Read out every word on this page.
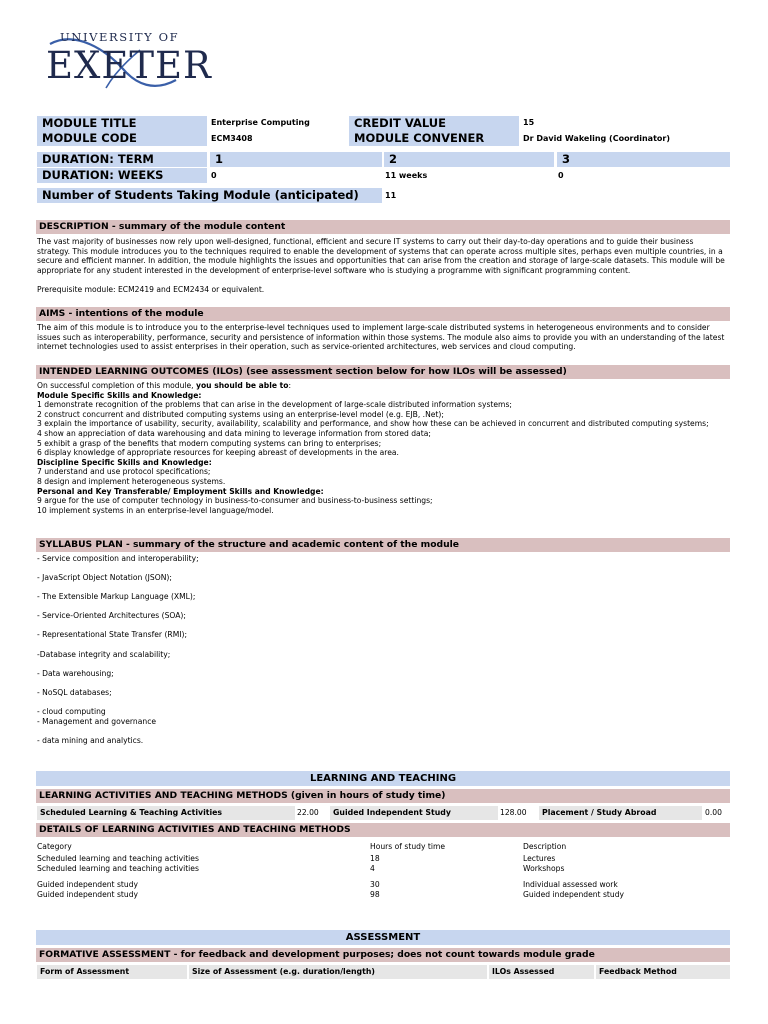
UNIVERSITY OF
EXETER
MODULE TITLE	Enterprise Computing	CREDIT VALUE	15
MODULE CODE	ECM3408	MODULE CONVENER	Dr David Wakeling (Coordinator)
DURATION: TERM	1	2	3
DURATION: WEEKS	0	11 weeks	0
Number of Students Taking Module (anticipated)	11
DESCRIPTION - summary of the module content

The vast majority of businesses now rely upon well-designed, functional, efficient and secure IT systems to carry out their day-to-day operations and to guide their business strategy. This module introduces you to the techniques required to enable the development of systems that can operate across multiple sites, perhaps even multiple countries, in a secure and efficient manner. In addition, the module highlights the issues and opportunities that can arise from the creation and storage of large-scale datasets. This module will be appropriate for any student interested in the development of enterprise-level software who is studying a programme with significant programming content.

Prerequisite module: ECM2419 and ECM2434 or equivalent.

AIMS - intentions of the module
The aim of this module is to introduce you to the enterprise-level techniques used to implement large-scale distributed systems in heterogeneous environments and to consider issues such as interoperability, performance, security and persistence of information within those systems. The module also aims to provide you with an understanding of the latest internet technologies used to assist enterprises in their operation, such as service-oriented architectures, web services and cloud computing.
INTENDED LEARNING OUTCOMES (ILOs) (see assessment section below for how ILOs will be assessed)
On successful completion of this module, you should be able to:
Module Specific Skills and Knowledge:
1 demonstrate recognition of the problems that can arise in the development of large-scale distributed information systems;
2 construct concurrent and distributed computing systems using an enterprise-level model (e.g. EJB, .Net);
3 explain the importance of usability, security, availability, scalability and performance, and show how these can be achieved in concurrent and distributed computing systems;
4 show an appreciation of data warehousing and data mining to leverage information from stored data;
5 exhibit a grasp of the benefits that modern computing systems can bring to enterprises;
6 display knowledge of appropriate resources for keeping abreast of developments in the area.
Discipline Specific Skills and Knowledge:
7 understand and use protocol specifications;
8 design and implement heterogeneous systems.
Personal and Key Transferable/ Employment Skills and Knowledge:
9 argue for the use of computer technology in business-to-consumer and business-to-business settings;
10 implement systems in an enterprise-level language/model.
SYLLABUS PLAN - summary of the structure and academic content of the module
- Service composition and interoperability;
- JavaScript Object Notation (JSON);
- The Extensible Markup Language (XML);
- Service-Oriented Architectures (SOA);
- Representational State Transfer (RMI);
-Database integrity and scalability;
- Data warehousing;
- NoSQL databases;
- cloud computing
- Management and governance
- data mining and analytics.
LEARNING AND TEACHING
LEARNING ACTIVITIES AND TEACHING METHODS (given in hours of study time)
Scheduled Learning & Teaching Activities	22.00	Guided Independent Study	128.00	Placement / Study Abroad	0.00
DETAILS OF LEARNING ACTIVITIES AND TEACHING METHODS
Category	Hours of study time	Description
Scheduled learning and teaching activities	18	Lectures
Scheduled learning and teaching activities	4	Workshops
Guided independent study	30	Individual assessed work
Guided independent study	98	Guided independent study
ASSESSMENT
FORMATIVE ASSESSMENT - for feedback and development purposes; does not count towards module grade
Form of Assessment	Size of Assessment (e.g. duration/length)	ILOs Assessed	Feedback Method
